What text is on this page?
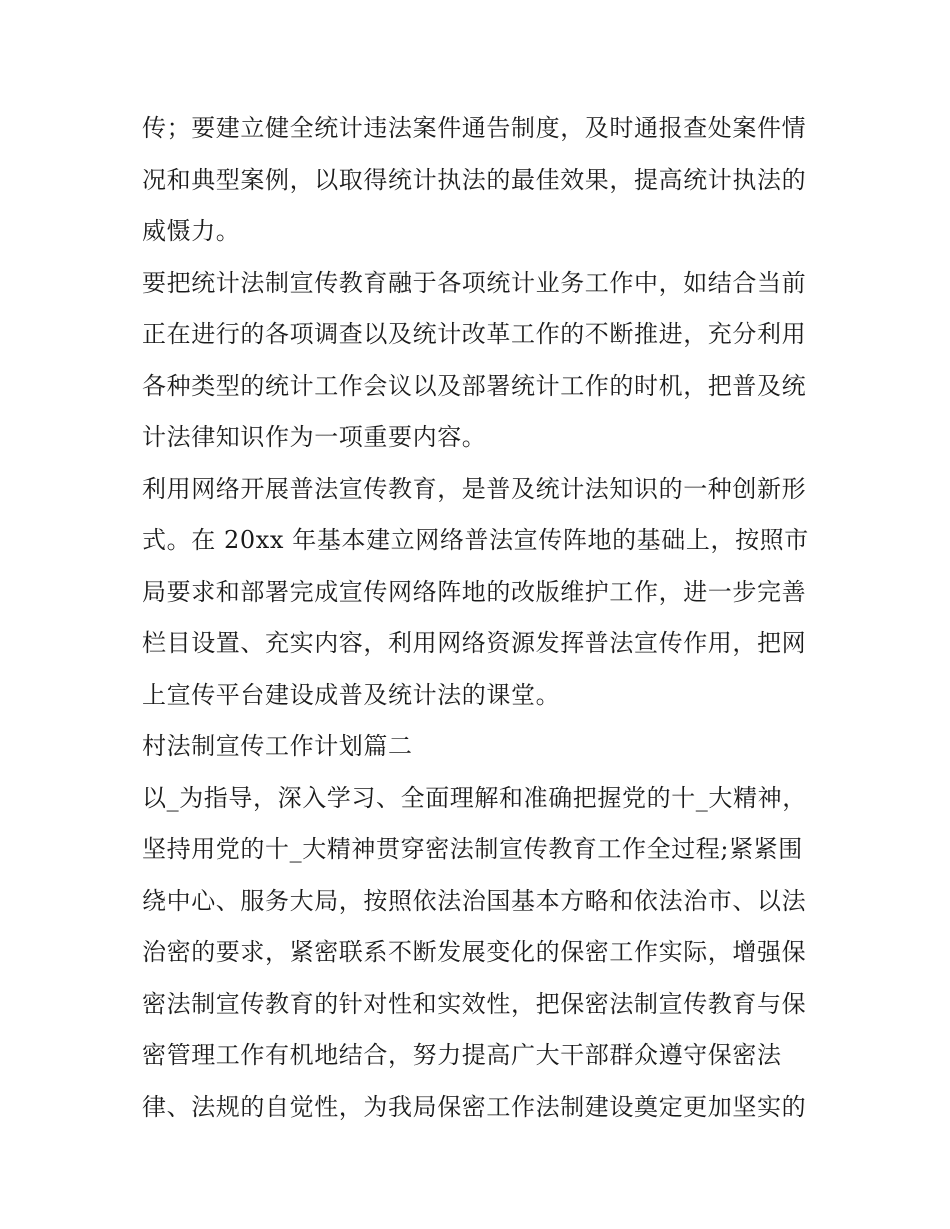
传；要建立健全统计违法案件通告制度，及时通报查处案件情
况和典型案例，以取得统计执法的最佳效果，提高统计执法的
威慑力。
要把统计法制宣传教育融于各项统计业务工作中，如结合当前
正在进行的各项调查以及统计改革工作的不断推进，充分利用
各种类型的统计工作会议以及部署统计工作的时机，把普及统
计法律知识作为一项重要内容。
利用网络开展普法宣传教育，是普及统计法知识的一种创新形
式。在 20xx 年基本建立网络普法宣传阵地的基础上，按照市
局要求和部署完成宣传网络阵地的改版维护工作，进一步完善
栏目设置、充实内容，利用网络资源发挥普法宣传作用，把网
上宣传平台建设成普及统计法的课堂。
村法制宣传工作计划篇二
以_为指导，深入学习、全面理解和准确把握党的十_大精神，
坚持用党的十_大精神贯穿密法制宣传教育工作全过程;紧紧围
绕中心、服务大局，按照依法治国基本方略和依法治市、以法
治密的要求，紧密联系不断发展变化的保密工作实际，增强保
密法制宣传教育的针对性和实效性，把保密法制宣传教育与保
密管理工作有机地结合，努力提高广大干部群众遵守保密法
律、法规的自觉性，为我局保密工作法制建设奠定更加坚实的
